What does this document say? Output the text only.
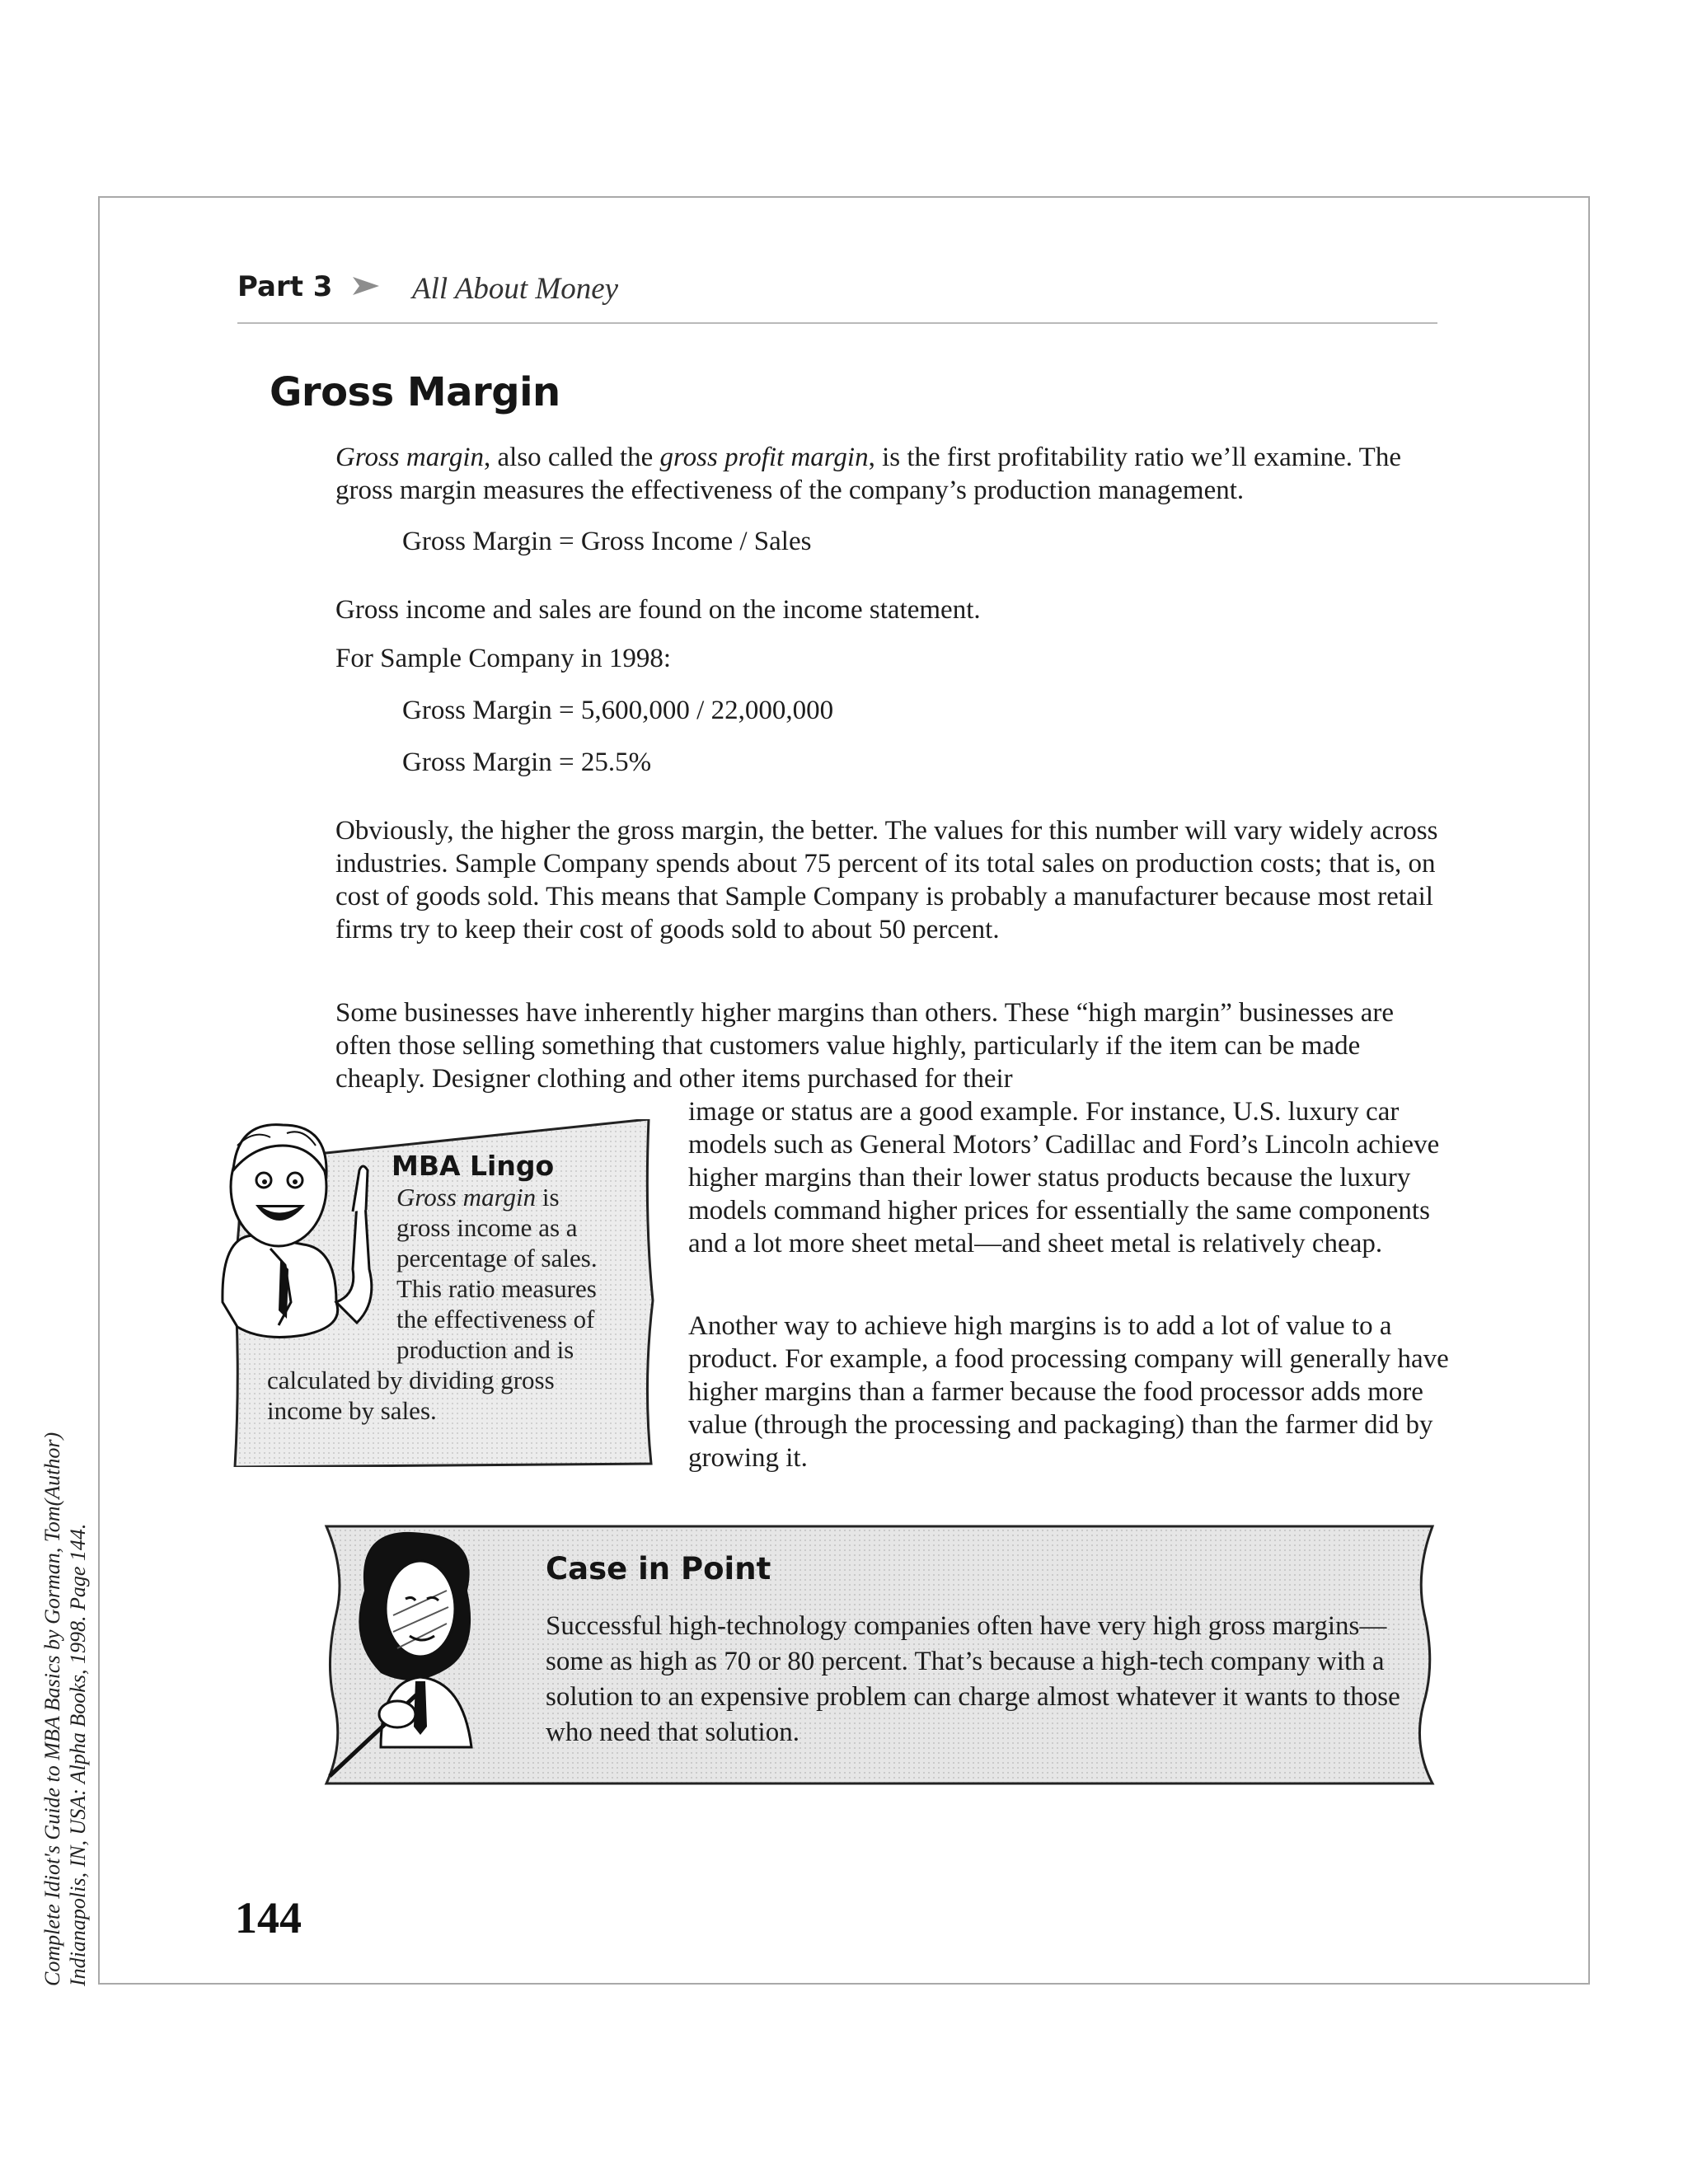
Complete Idiot's Guide to MBA Basics by Gorman, Tom(Author) Indianapolis, IN, USA: Alpha Books, 1998. Page 144.
Part 3	All About Money
Gross Margin

Gross margin, also called the gross profit margin, is the first profitability ratio we’ll examine. The gross margin measures the effectiveness of the company’s production management.

Gross Margin = Gross Income / Sales

Gross income and sales are found on the income statement.

For Sample Company in 1998:

Gross Margin = 5,600,000 / 22,000,000
Gross Margin = 25.5%

Obviously, the higher the gross margin, the better. The values for this number will vary widely across industries. Sample Company spends about 75 percent of its total sales on production costs; that is, on cost of goods sold. This means that Sample Company is probably a manufacturer because most retail firms try to keep their cost of goods sold to about 50 percent.

Some businesses have inherently higher margins than others. These “high margin” businesses are often those selling something that customers value highly, particularly if the item can be made cheaply. Designer clothing and other items purchased for their

image or status are a good example. For instance, U.S. luxury car models such as General Motors’ Cadillac and Ford’s Lincoln achieve higher margins than their lower status products because the luxury models command higher prices for essentially the same components and a lot more sheet metal—and sheet metal is relatively cheap.

Another way to achieve high margins is to add a lot of value to a product. For example, a food processing company will generally have higher margins than a farmer because the food processor adds more value (through the processing and packaging) than the farmer did by growing it.

MBA Lingo
Gross margin is
gross income as a
percentage of sales.
This ratio measures
the effectiveness of
production and is
calculated by dividing gross
income by sales.
Case in Point

Successful high-technology companies often have very high gross margins—some as high as 70 or 80 percent. That’s because a high-tech company with a solution to an expensive problem can charge almost whatever it wants to those who need that solution.

144
